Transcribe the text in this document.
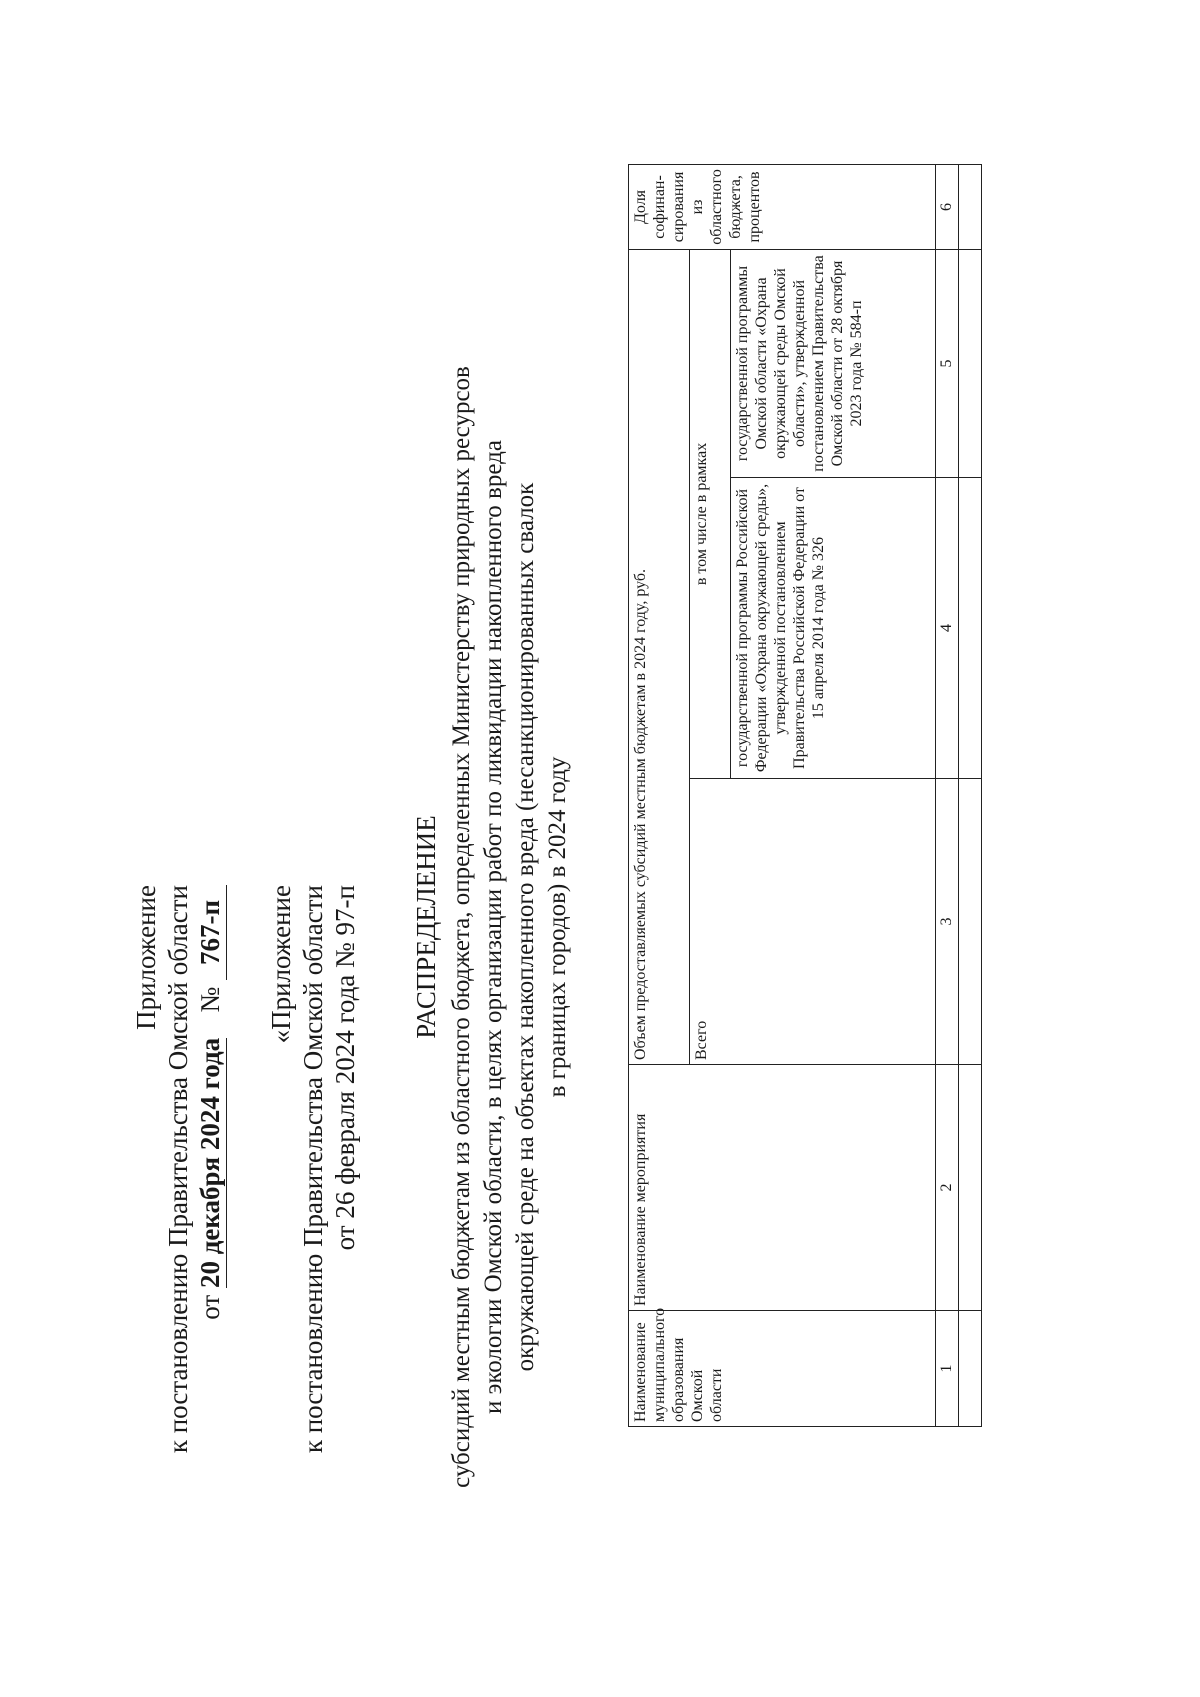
Приложение к постановлению Правительства Омской области от 20 декабря 2024 года  № 767-п «Приложение к постановлению Правительства Омской области от 26 февраля 2024 года № 97-п РАСПРЕДЕЛЕНИЕ субсидий местным бюджетам из областного бюджета, определенных Министерству природных ресурсов и экологии Омской области, в целях организации работ по ликвидации накопленного вреда окружающей среде на объектах накопленного вреда (несанкционированных свалок в границах городов) в 2024 году
Наименование муниципального образования Омской области	Наименование мероприятия	Объем предоставляемых субсидий местным бюджетам в 2024 году, руб.			Доля софинан-сирования из областного бюджета, процентов
		Всего	в том числе в рамках		
			государственной программы Российской Федерации «Охрана окружающей среды», утвержденной постановлением Правительства Российской Федерации от 15 апреля 2014 года № 326	государственной программы Омской области «Охрана окружающей среды Омской области», утвержденной постановлением Правительства Омской области от 28 октября 2023 года № 584-п	
1	2	3	4	5	6
